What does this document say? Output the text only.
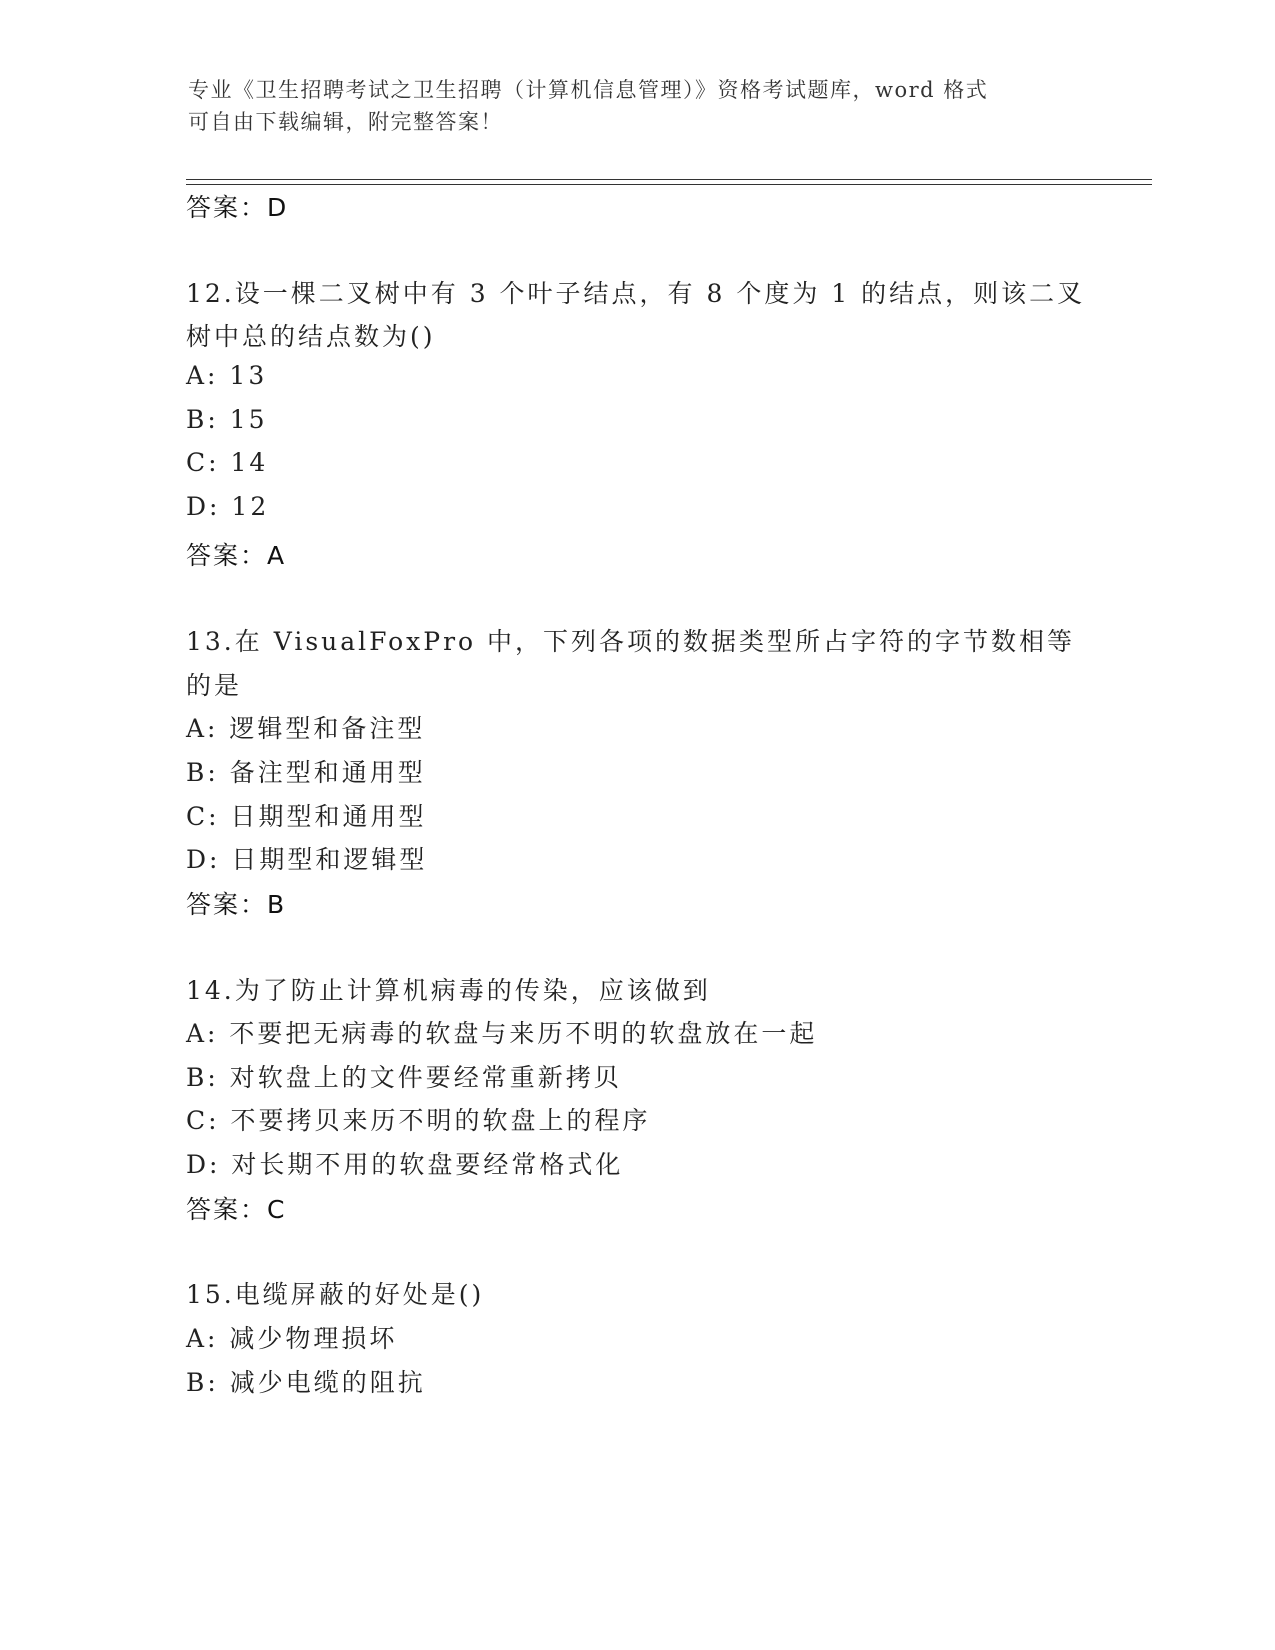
专业《卫生招聘考试之卫生招聘（计算机信息管理）》资格考试题库，word 格式
可自由下载编辑，附完整答案！
答案：D
12.设一棵二叉树中有 3 个叶子结点，有 8 个度为 1 的结点，则该二叉
树中总的结点数为()
A: 13
B: 15
C: 14
D: 12
答案：A
13.在 VisualFoxPro 中，下列各项的数据类型所占字符的字节数相等
的是
A: 逻辑型和备注型
B: 备注型和通用型
C: 日期型和通用型
D: 日期型和逻辑型
答案：B
14.为了防止计算机病毒的传染，应该做到
A: 不要把无病毒的软盘与来历不明的软盘放在一起
B: 对软盘上的文件要经常重新拷贝
C: 不要拷贝来历不明的软盘上的程序
D: 对长期不用的软盘要经常格式化
答案：C
15.电缆屏蔽的好处是()
A: 减少物理损坏
B: 减少电缆的阻抗
